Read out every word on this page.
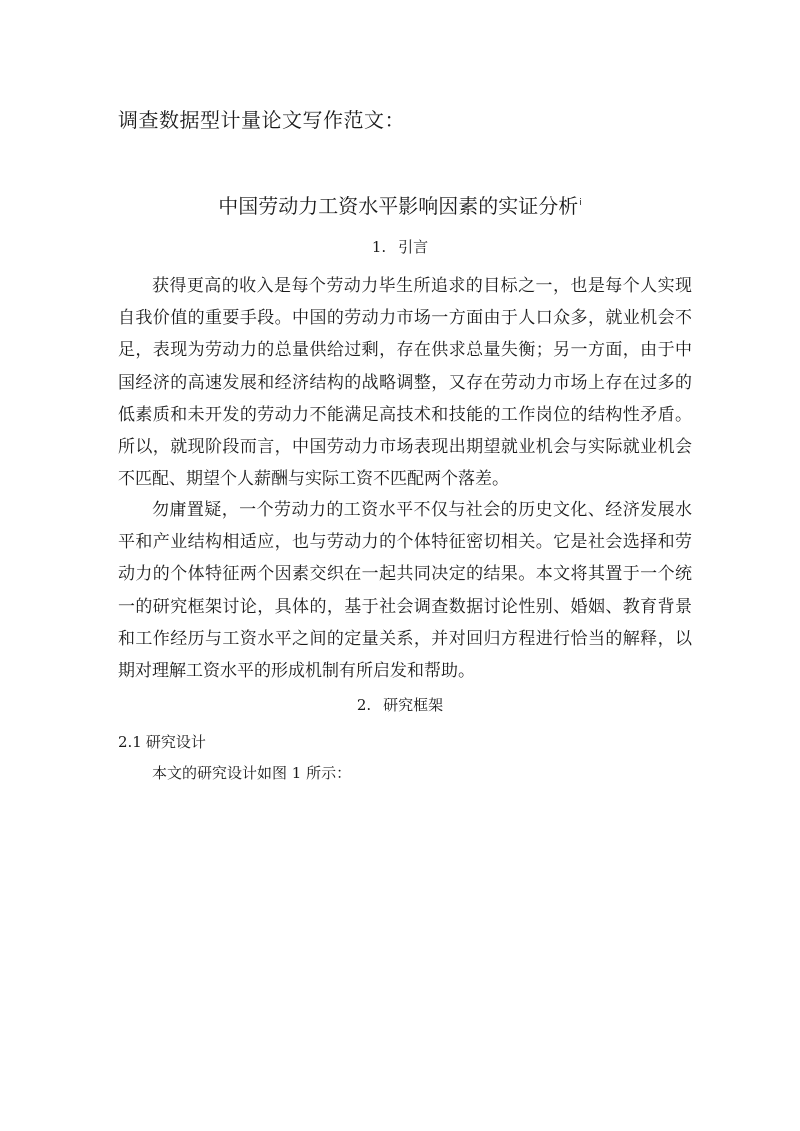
调查数据型计量论文写作范文：
中国劳动力工资水平影响因素的实证分析$^i$
1. 引言

获得更高的收入是每个劳动力毕生所追求的目标之一，也是每个人实现自我价值的重要手段。中国的劳动力市场一方面由于人口众多，就业机会不足，表现为劳动力的总量供给过剩，存在供求总量失衡；另一方面，由于中国经济的高速发展和经济结构的战略调整，又存在劳动力市场上存在过多的低素质和未开发的劳动力不能满足高技术和技能的工作岗位的结构性矛盾。所以，就现阶段而言，中国劳动力市场表现出期望就业机会与实际就业机会不匹配、期望个人薪酬与实际工资不匹配两个落差。

勿庸置疑，一个劳动力的工资水平不仅与社会的历史文化、经济发展水平和产业结构相适应，也与劳动力的个体特征密切相关。它是社会选择和劳动力的个体特征两个因素交织在一起共同决定的结果。本文将其置于一个统一的研究框架讨论，具体的，基于社会调查数据讨论性别、婚姻、教育背景和工作经历与工资水平之间的定量关系，并对回归方程进行恰当的解释，以期对理解工资水平的形成机制有所启发和帮助。

2. 研究框架
2.1 研究设计

本文的研究设计如图 1 所示：
